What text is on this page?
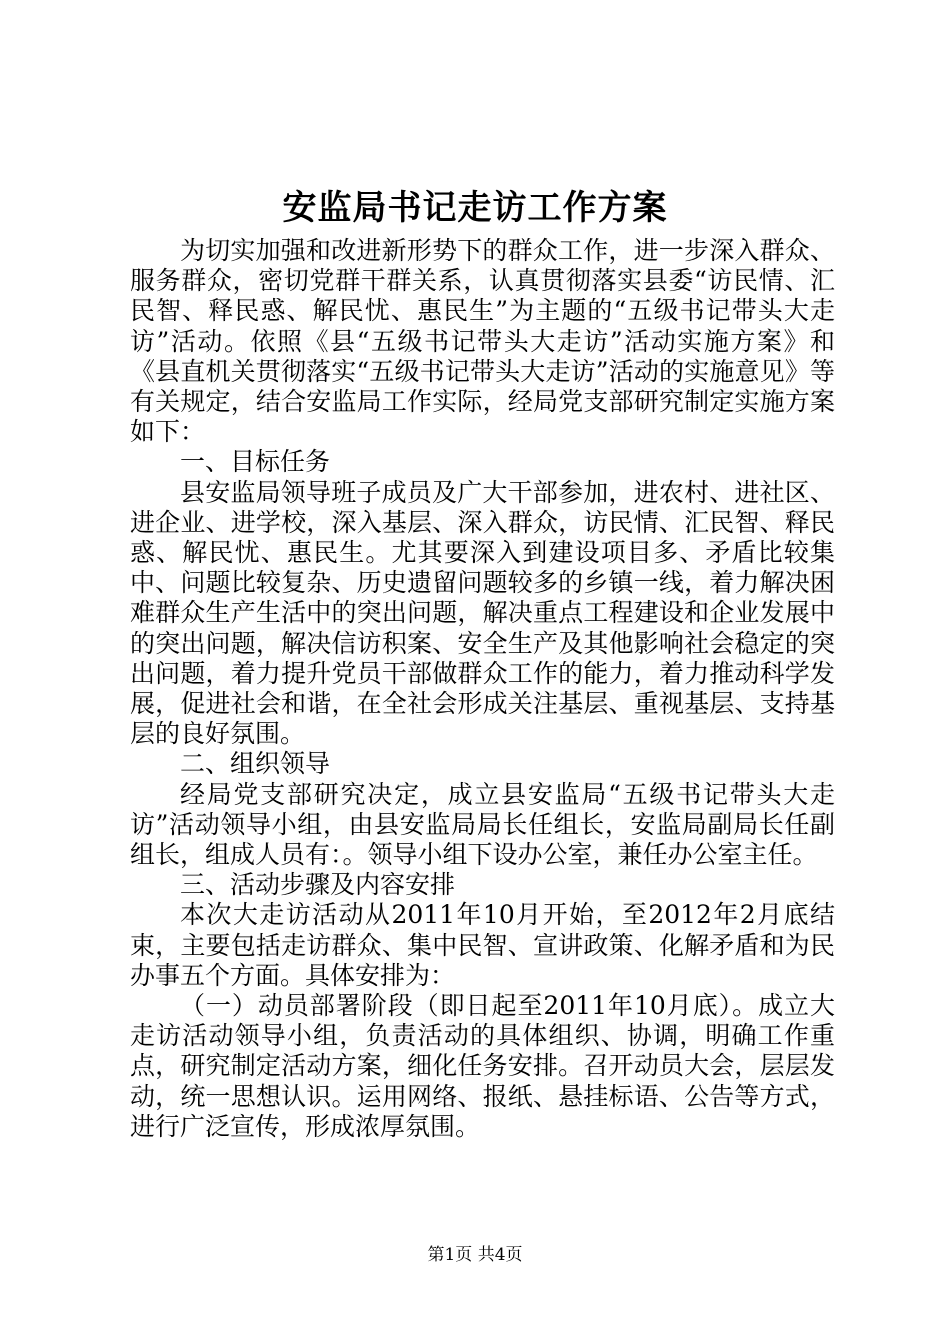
安监局书记走访工作方案

为切实加强和改进新形势下的群众工作，进一步深入群众、服务群众，密切党群干群关系，认真贯彻落实县委“访民情、汇民智、释民惑、解民忧、惠民生”为主题的“五级书记带头大走访”活动。依照《县“五级书记带头大走访”活动实施方案》和《县直机关贯彻落实“五级书记带头大走访”活动的实施意见》等有关规定，结合安监局工作实际，经局党支部研究制定实施方案如下：

一、目标任务

县安监局领导班子成员及广大干部参加，进农村、进社区、进企业、进学校，深入基层、深入群众，访民情、汇民智、释民惑、解民忧、惠民生。尤其要深入到建设项目多、矛盾比较集中、问题比较复杂、历史遗留问题较多的乡镇一线，着力解决困难群众生产生活中的突出问题，解决重点工程建设和企业发展中的突出问题，解决信访积案、安全生产及其他影响社会稳定的突出问题，着力提升党员干部做群众工作的能力，着力推动科学发展，促进社会和谐，在全社会形成关注基层、重视基层、支持基层的良好氛围。

二、组织领导

经局党支部研究决定，成立县安监局“五级书记带头大走访”活动领导小组，由县安监局局长任组长，安监局副局长任副组长，组成人员有：。领导小组下设办公室，兼任办公室主任。

三、活动步骤及内容安排

本次大走访活动从2011年10月开始，至2012年2月底结束，主要包括走访群众、集中民智、宣讲政策、化解矛盾和为民办事五个方面。具体安排为：

（一）动员部署阶段（即日起至2011年10月底）。成立大走访活动领导小组，负责活动的具体组织、协调，明确工作重点，研究制定活动方案，细化任务安排。召开动员大会，层层发动，统一思想认识。运用网络、报纸、悬挂标语、公告等方式，进行广泛宣传，形成浓厚氛围。

第1页 共4页
